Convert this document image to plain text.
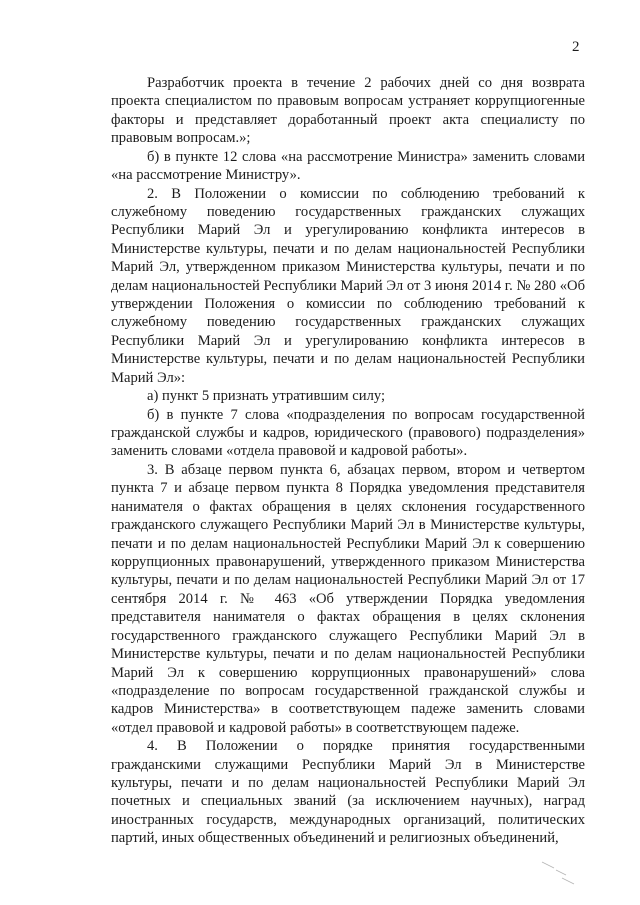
2

Разработчик проекта в течение 2 рабочих дней со дня возврата проекта специалистом по правовым вопросам устраняет коррупциогенные факторы и представляет доработанный проект акта специалисту по правовым вопросам.»;

б) в пункте 12 слова «на рассмотрение Министра» заменить словами «на рассмотрение Министру».

2. В Положении о комиссии по соблюдению требований к служебному поведению государственных гражданских служащих Республики Марий Эл и урегулированию конфликта интересов в Министерстве культуры, печати и по делам национальностей Республики Марий Эл, утвержденном приказом Министерства культуры, печати и по делам национальностей Республики Марий Эл от 3 июня 2014 г. № 280 «Об утверждении Положения о комиссии по соблюдению требований к служебному поведению государственных гражданских служащих Республики Марий Эл и урегулированию конфликта интересов в Министерстве культуры, печати и по делам национальностей Республики Марий Эл»:

а) пункт 5 признать утратившим силу;

б) в пункте 7 слова «подразделения по вопросам государственной гражданской службы и кадров, юридического (правового) подразделения» заменить словами «отдела правовой и кадровой работы».

3. В абзаце первом пункта 6, абзацах первом, втором и четвертом пункта 7 и абзаце первом пункта 8 Порядка уведомления представителя нанимателя о фактах обращения в целях склонения государственного гражданского служащего Республики Марий Эл в Министерстве культуры, печати и по делам национальностей Республики Марий Эл к совершению коррупционных правонарушений, утвержденного приказом Министерства культуры, печати и по делам национальностей Республики Марий Эл от 17 сентября 2014 г. № 463 «Об утверждении Порядка уведомления представителя нанимателя о фактах обращения в целях склонения государственного гражданского служащего Республики Марий Эл в Министерстве культуры, печати и по делам национальностей Республики Марий Эл к совершению коррупционных правонарушений» слова «подразделение по вопросам государственной гражданской службы и кадров Министерства» в соответствующем падеже заменить словами «отдел правовой и кадровой работы» в соответствующем падеже.

4. В Положении о порядке принятия государственными гражданскими служащими Республики Марий Эл в Министерстве культуры, печати и по делам национальностей Республики Марий Эл почетных и специальных званий (за исключением научных), наград иностранных государств, международных организаций, политических партий, иных общественных объединений и религиозных объединений,
